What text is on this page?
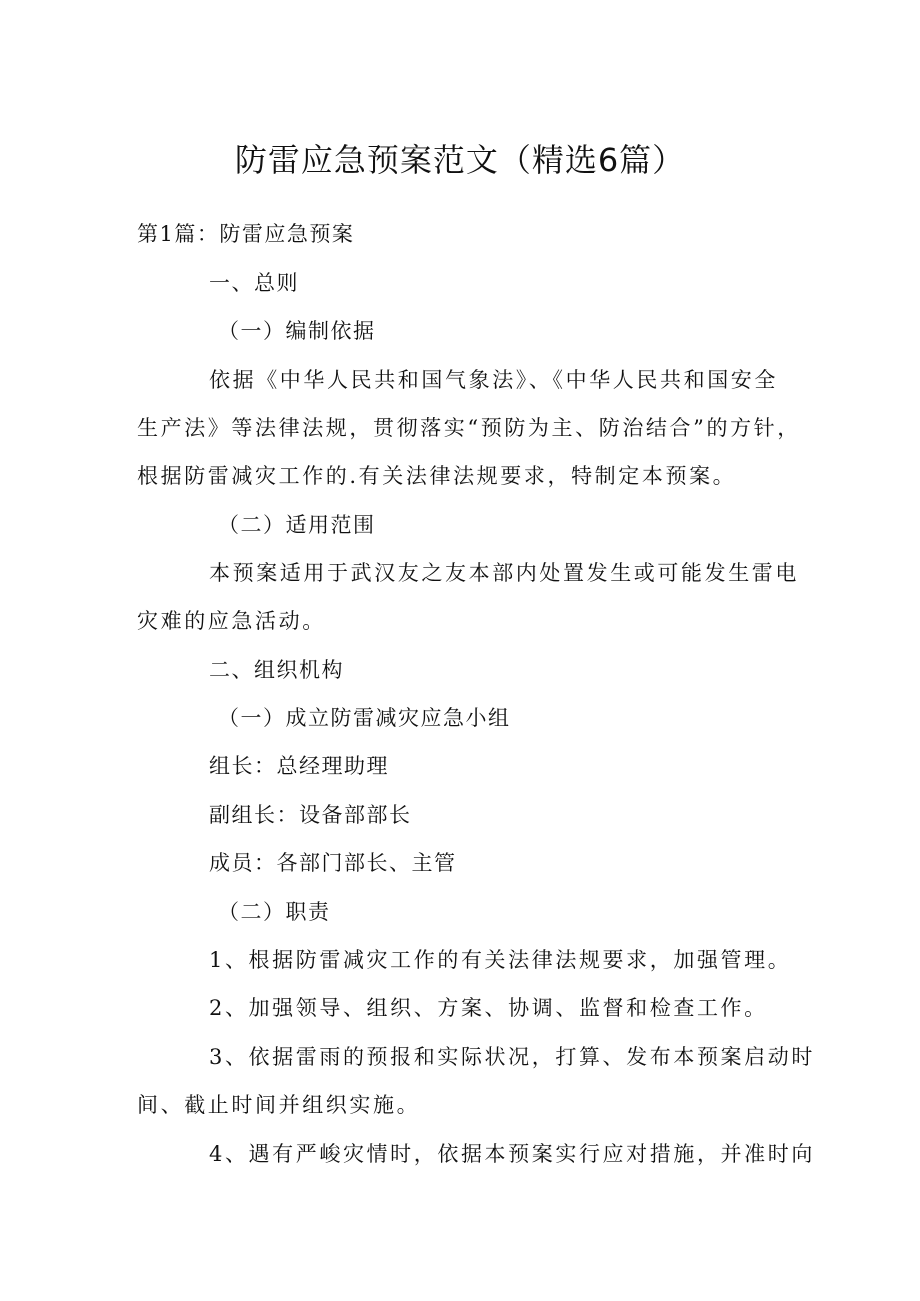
防雷应急预案范文（精选6篇）
第1篇：防雷应急预案
一、总则
（一）编制依据
依据《中华人民共和国气象法》、《中华人民共和国安全
生产法》等法律法规，贯彻落实“预防为主、防治结合”的方针，
根据防雷减灾工作的.有关法律法规要求，特制定本预案。
（二）适用范围
本预案适用于武汉友之友本部内处置发生或可能发生雷电
灾难的应急活动。
二、组织机构
（一）成立防雷减灾应急小组
组长：总经理助理
副组长：设备部部长
成员：各部门部长、主管
（二）职责
1、根据防雷减灾工作的有关法律法规要求，加强管理。
2、加强领导、组织、方案、协调、监督和检查工作。
3、依据雷雨的预报和实际状况，打算、发布本预案启动时
间、截止时间并组织实施。
4、遇有严峻灾情时，依据本预案实行应对措施，并准时向
